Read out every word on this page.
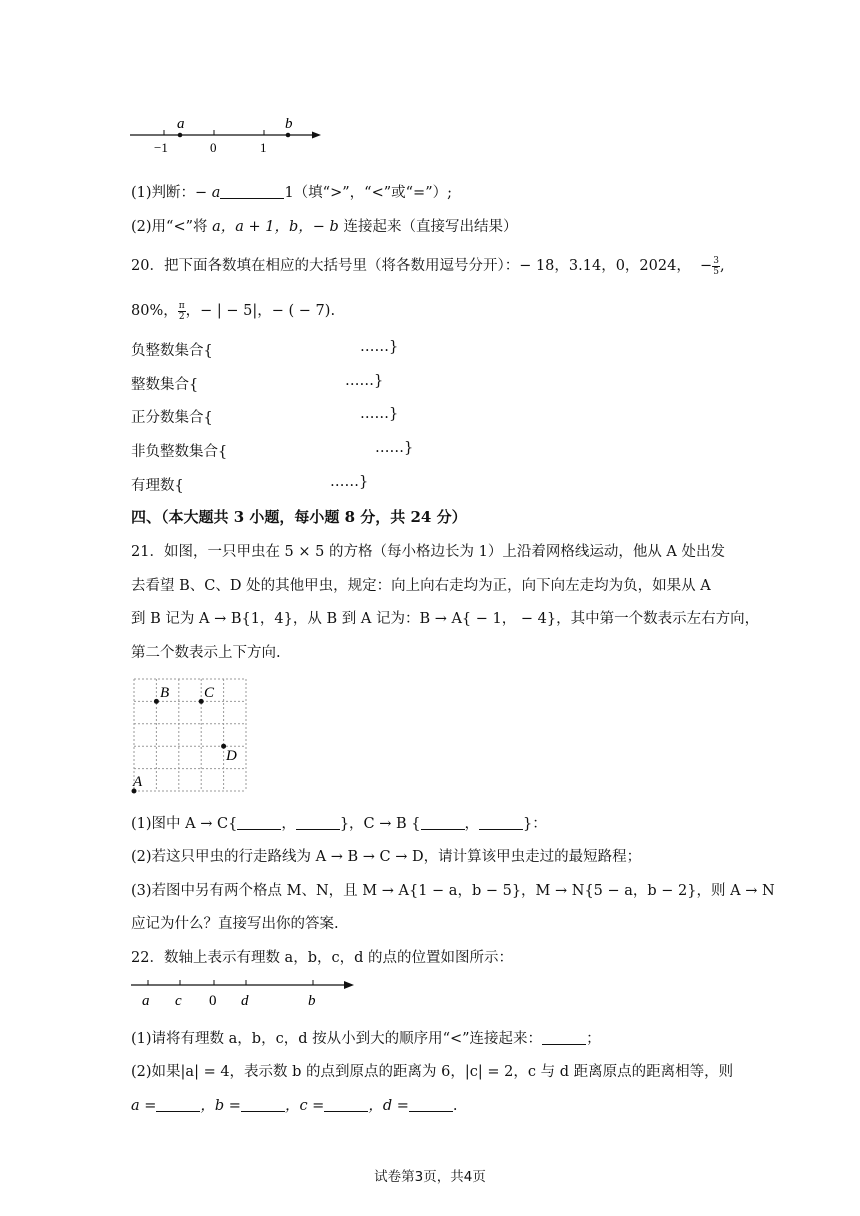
a	b
−1	0	1
(1)判断：− a	1（填“>”，“<”或“=”）;
(2)用“<”将 a，a + 1，b，− b 连接起来（直接写出结果）
20．把下面各数填在相应的大括号里（将各数用逗号分开）：− 18，3.14，0，2024， − $\frac{3}{5}$ ,
80%， $\frac{\pi}{2}$ ，− | − 5|，− ( − 7).
负整数集合{	……}
整数集合{	……}
正分数集合{	……}
非负整数集合{	……}
有理数{	……}
四、（本大题共 3 小题，每小题 8 分，共 24 分）
21．如图，一只甲虫在 5 × 5 的方格（每小格边长为 1）上沿着网格线运动，他从 A 处出发
去看望 B、C、D 处的其他甲虫，规定：向上向右走均为正，向下向左走均为负，如果从 A
到 B 记为 A → B{1，4}，从 B 到 A 记为：B → A{ − 1， − 4}，其中第一个数表示左右方向，
第二个数表示上下方向.
A
B C
D
(1)图中 A → C{	，	}，C → B {	，	}：
(2)若这只甲虫的行走路线为 A → B → C → D，请计算该甲虫走过的最短路程；
(3)若图中另有两个格点 M、N，且 M → A{1 − a，b − 5}，M → N{5 − a，b − 2}，则 A → N
应记为什么？直接写出你的答案.
22．数轴上表示有理数 a，b，c，d 的点的位置如图所示：
a c 0 d	b
(1)请将有理数 a，b，c，d 按从小到大的顺序用“<”连接起来：	；
(2)如果|a| = 4，表示数 b 的点到原点的距离为 6，|c| = 2，c 与 d 距离原点的距离相等，则
a =	，b =	，c =	，d =	.
试卷第3页，共4页
